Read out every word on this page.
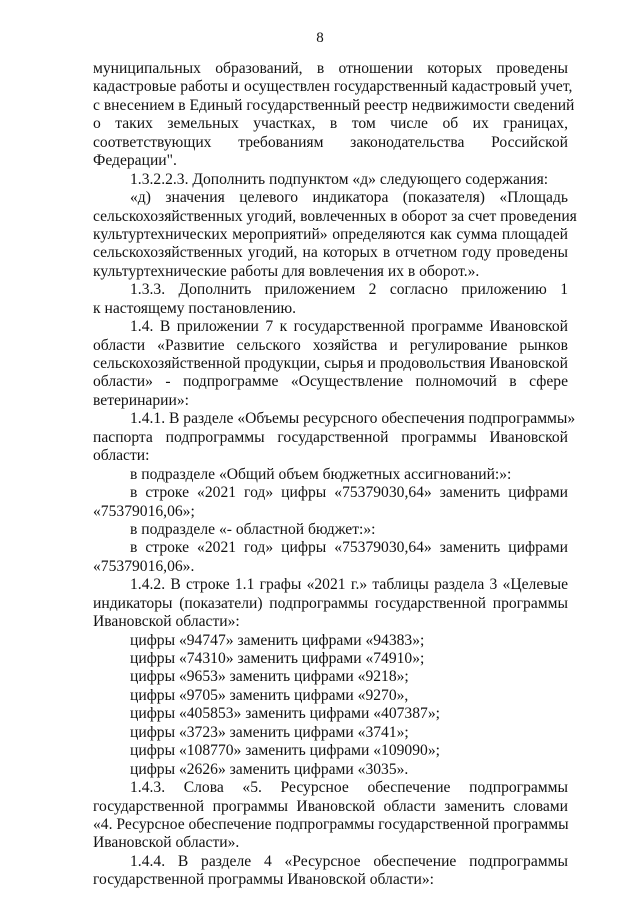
8
муниципальных образований, в отношении которых проведены
кадастровые работы и осуществлен государственный кадастровый учет,
с внесением в Единый государственный реестр недвижимости сведений
о таких земельных участках, в том числе об их границах,
соответствующих требованиям законодательства Российской
Федерации".
1.3.2.2.3. Дополнить подпунктом «д» следующего содержания:
«д) значения целевого индикатора (показателя) «Площадь
сельскохозяйственных угодий, вовлеченных в оборот за счет проведения
культуртехнических мероприятий» определяются как сумма площадей
сельскохозяйственных угодий, на которых в отчетном году проведены
культуртехнические работы для вовлечения их в оборот.».
1.3.3. Дополнить приложением 2 согласно приложению 1
к настоящему постановлению.
1.4. В приложении 7 к государственной программе Ивановской
области «Развитие сельского хозяйства и регулирование рынков
сельскохозяйственной продукции, сырья и продовольствия Ивановской
области» - подпрограмме «Осуществление полномочий в сфере
ветеринарии»:
1.4.1. В разделе «Объемы ресурсного обеспечения подпрограммы»
паспорта подпрограммы государственной программы Ивановской
области:
в подразделе «Общий объем бюджетных ассигнований:»:
в строке «2021 год» цифры «75379030,64» заменить цифрами
«75379016,06»;
в подразделе «- областной бюджет:»:
в строке «2021 год» цифры «75379030,64» заменить цифрами
«75379016,06».
1.4.2. В строке 1.1 графы «2021 г.» таблицы раздела 3 «Целевые
индикаторы (показатели) подпрограммы государственной программы
Ивановской области»:
цифры «94747» заменить цифрами «94383»;
цифры «74310» заменить цифрами «74910»;
цифры «9653» заменить цифрами «9218»;
цифры «9705» заменить цифрами «9270»,
цифры «405853» заменить цифрами «407387»;
цифры «3723» заменить цифрами «3741»;
цифры «108770» заменить цифрами «109090»;
цифры «2626» заменить цифрами «3035».
1.4.3. Слова «5. Ресурсное обеспечение подпрограммы
государственной программы Ивановской области заменить словами
«4. Ресурсное обеспечение подпрограммы государственной программы
Ивановской области».
1.4.4. В разделе 4 «Ресурсное обеспечение подпрограммы
государственной программы Ивановской области»:
